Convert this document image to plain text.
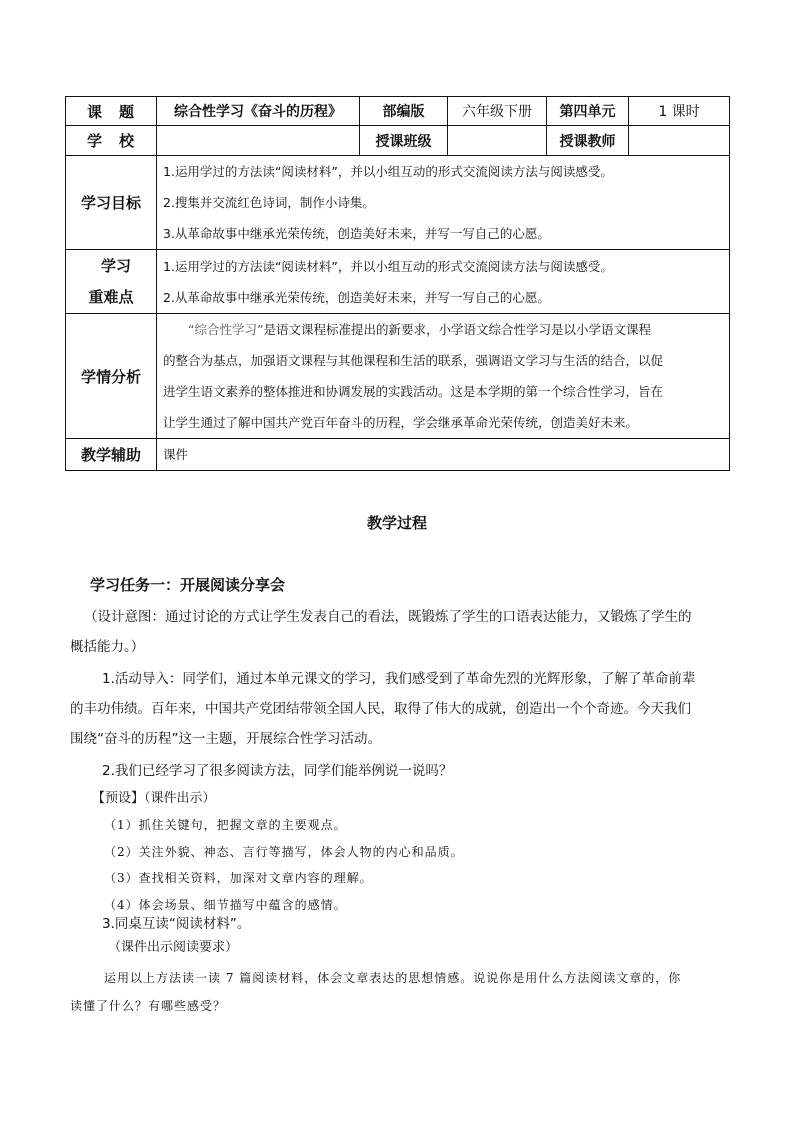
课　题	综合性学习《奋斗的历程》	部编版	六年级下册	第四单元	1 课时
学　校		授课班级		授课教师	
学习目标	1.运用学过的方法读“阅读材料”，并以小组互动的形式交流阅读方法与阅读感受。
2.搜集并交流红色诗词，制作小诗集。
3.从革命故事中继承光荣传统，创造美好未来，并写一写自己的心愿。				

学习
重难点	1.运用学过的方法读“阅读材料”，并以小组互动的形式交流阅读方法与阅读感受。
2.从革命故事中继承光荣传统，创造美好未来，并写一写自己的心愿。				

学情分析	“综合性学习”是语文课程标准提出的新要求，小学语文综合性学习是以小学语文课程
的整合为基点，加强语文课程与其他课程和生活的联系，强调语文学习与生活的结合，以促
进学生语文素养的整体推进和协调发展的实践活动。这是本学期的第一个综合性学习，旨在
让学生通过了解中国共产党百年奋斗的历程，学会继承革命光荣传统，创造美好未来。				

教学辅助	课件				
教学过程
学习任务一：开展阅读分享会
（设计意图：通过讨论的方式让学生发表自己的看法，既锻炼了学生的口语表达能力，又锻炼了学生的
概括能力。）
1.活动导入：同学们，通过本单元课文的学习，我们感受到了革命先烈的光辉形象，了解了革命前辈
的丰功伟绩。百年来，中国共产党团结带领全国人民，取得了伟大的成就，创造出一个个奇迹。今天我们
围绕“奋斗的历程”这一主题，开展综合性学习活动。
2.我们已经学习了很多阅读方法，同学们能举例说一说吗？
【预设】（课件出示）
（1）抓住关键句，把握文章的主要观点。
（2）关注外貌、神态、言行等描写，体会人物的内心和品质。
（3）查找相关资料，加深对文章内容的理解。
（4）体会场景、细节描写中蕴含的感情。
3.同桌互读“阅读材料”。
（课件出示阅读要求）
运用以上方法读一读 7 篇阅读材料，体会文章表达的思想情感。说说你是用什么方法阅读文章的，你
读懂了什么？有哪些感受？
